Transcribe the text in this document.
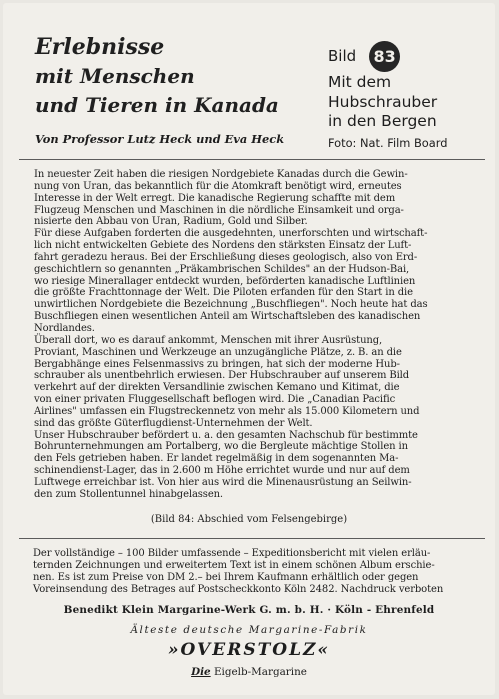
Erlebnisse
mit Menschen
und Tieren in Kanada
Von Professor Lutz Heck und Eva Heck
Bild 83
Mit dem
Hubschrauber
in den Bergen
Foto: Nat. Film Board
In neuester Zeit haben die riesigen Nordgebiete Kanadas durch die Gewin-
nung von Uran, das bekanntlich für die Atomkraft benötigt wird, erneutes
Interesse in der Welt erregt. Die kanadische Regierung schaffte mit dem
Flugzeug Menschen und Maschinen in die nördliche Einsamkeit und orga-
nisierte den Abbau von Uran, Radium, Gold und Silber.
Für diese Aufgaben forderten die ausgedehnten, unerforschten und wirtschaft-
lich nicht entwickelten Gebiete des Nordens den stärksten Einsatz der Luft-
fahrt geradezu heraus. Bei der Erschließung dieses geologisch, also von Erd-
geschichtlern so genannten „Präkambrischen Schildes" an der Hudson-Bai,
wo riesige Minerallager entdeckt wurden, beförderten kanadische Luftlinien
die größte Frachttonnage der Welt. Die Piloten erfanden für den Start in die
unwirtlichen Nordgebiete die Bezeichnung „Buschfliegen". Noch heute hat das
Buschfliegen einen wesentlichen Anteil am Wirtschaftsleben des kanadischen
Nordlandes.
Überall dort, wo es darauf ankommt, Menschen mit ihrer Ausrüstung,
Proviant, Maschinen und Werkzeuge an unzugängliche Plätze, z. B. an die
Bergabhänge eines Felsenmassivs zu bringen, hat sich der moderne Hub-
schrauber als unentbehrlich erwiesen. Der Hubschrauber auf unserem Bild
verkehrt auf der direkten Versandlinie zwischen Kemano und Kitimat, die
von einer privaten Fluggesellschaft beflogen wird. Die „Canadian Pacific
Airlines" umfassen ein Flugstreckennetz von mehr als 15.000 Kilometern und
sind das größte Güterflugdienst-Unternehmen der Welt.
Unser Hubschrauber befördert u. a. den gesamten Nachschub für bestimmte
Bohrunternehmungen am Portalberg, wo die Bergleute mächtige Stollen in
den Fels getrieben haben. Er landet regelmäßig in dem sogenannten Ma-
schinendienst-Lager, das in 2.600 m Höhe errichtet wurde und nur auf dem
Luftwege erreichbar ist. Von hier aus wird die Minenausrüstung an Seilwin-
den zum Stollentunnel hinabgelassen.
(Bild 84: Abschied vom Felsengebirge)
Der vollständige – 100 Bilder umfassende – Expeditionsbericht mit vielen erläu-
ternden Zeichnungen und erweitertem Text ist in einem schönen Album erschie-
nen. Es ist zum Preise von DM 2.– bei Ihrem Kaufmann erhältlich oder gegen
Voreinsendung des Betrages auf Postscheckkonto Köln 2482. Nachdruck verboten
Benedikt Klein Margarine-Werk G. m. b. H. · Köln - Ehrenfeld
Älteste deutsche Margarine-Fabrik
»OVERSTOLZ«
Die Eigelb-Margarine
